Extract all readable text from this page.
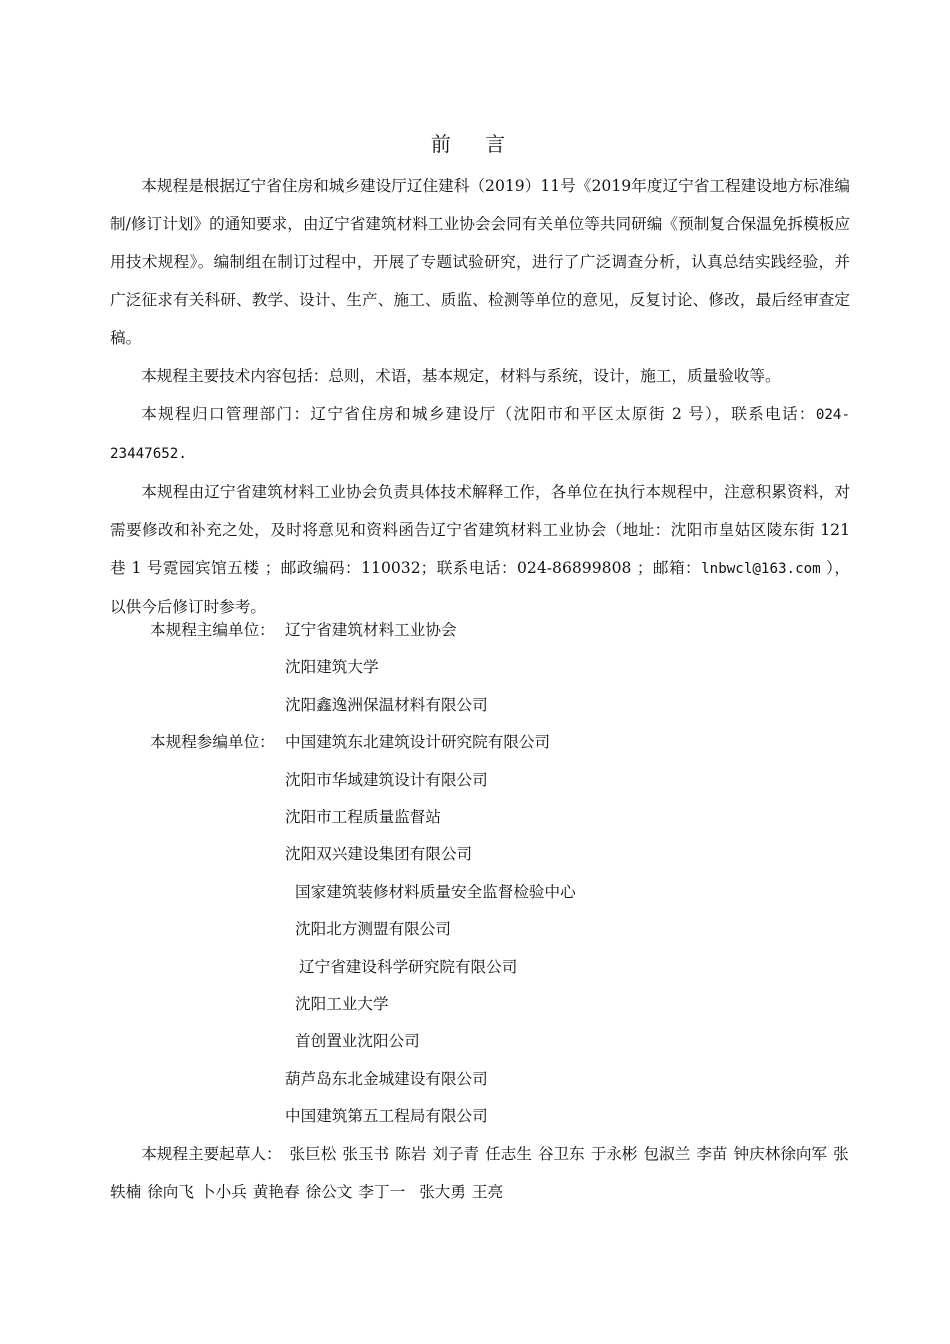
前 言

本规程是根据辽宁省住房和城乡建设厅辽住建科（2019）11号《2019年度辽宁省工程建设地方标准编制/修订计划》的通知要求，由辽宁省建筑材料工业协会会同有关单位等共同研编《预制复合保温免拆模板应用技术规程》。编制组在制订过程中，开展了专题试验研究，进行了广泛调查分析，认真总结实践经验，并广泛征求有关科研、教学、设计、生产、施工、质监、检测等单位的意见，反复讨论、修改，最后经审查定稿。

本规程主要技术内容包括：总则，术语，基本规定，材料与系统，设计，施工，质量验收等。

本规程归口管理部门：辽宁省住房和城乡建设厅（沈阳市和平区太原街 2 号），联系电话：024-23447652.

本规程由辽宁省建筑材料工业协会负责具体技术解释工作，各单位在执行本规程中，注意积累资料，对需要修改和补充之处，及时将意见和资料函告辽宁省建筑材料工业协会（地址：沈阳市皇姑区陵东街 121 巷 1 号霓园宾馆五楼 ；邮政编码：110032；联系电话：024-86899808 ；邮箱：lnbwcl@163.com ），以供今后修订时参考。

本规程主编单位： 辽宁省建筑材料工业协会
沈阳建筑大学
沈阳鑫逸洲保温材料有限公司
本规程参编单位： 中国建筑东北建筑设计研究院有限公司
沈阳市华域建筑设计有限公司
沈阳市工程质量监督站
沈阳双兴建设集团有限公司
国家建筑装修材料质量安全监督检验中心
沈阳北方测盟有限公司
辽宁省建设科学研究院有限公司
沈阳工业大学
首创置业沈阳公司
葫芦岛东北金城建设有限公司
中国建筑第五工程局有限公司

本规程主要起草人： 张巨松 张玉书 陈岩 刘子青 任志生 谷卫东 于永彬 包淑兰 李苗 钟庆林徐向军 张轶楠 徐向飞 卜小兵 黄艳春 徐公文 李丁一 张大勇 王亮
